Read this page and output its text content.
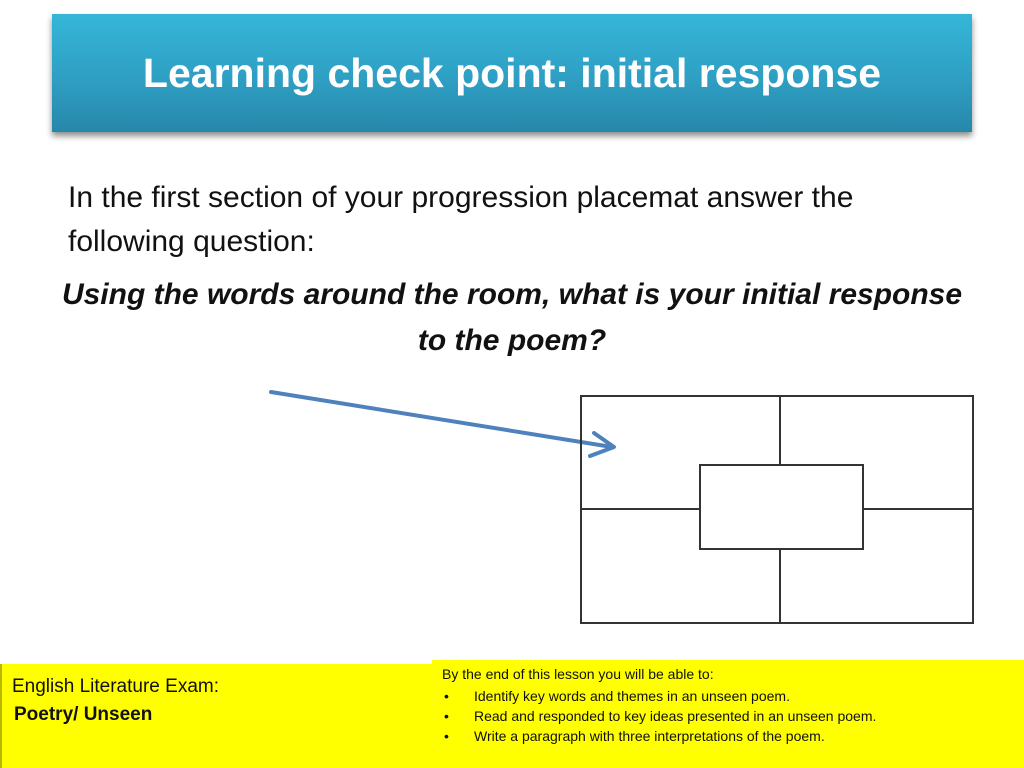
Learning check point: initial response
In the first section of your progression placemat answer the following question:
Using the words around the room, what is your initial response to the poem?
English Literature Exam:
Poetry/ Unseen
By the end of this lesson you will be able to:
• Identify key words and themes in an unseen poem.
• Read and responded to key ideas presented in an unseen poem.
• Write a paragraph with three interpretations of the poem.
